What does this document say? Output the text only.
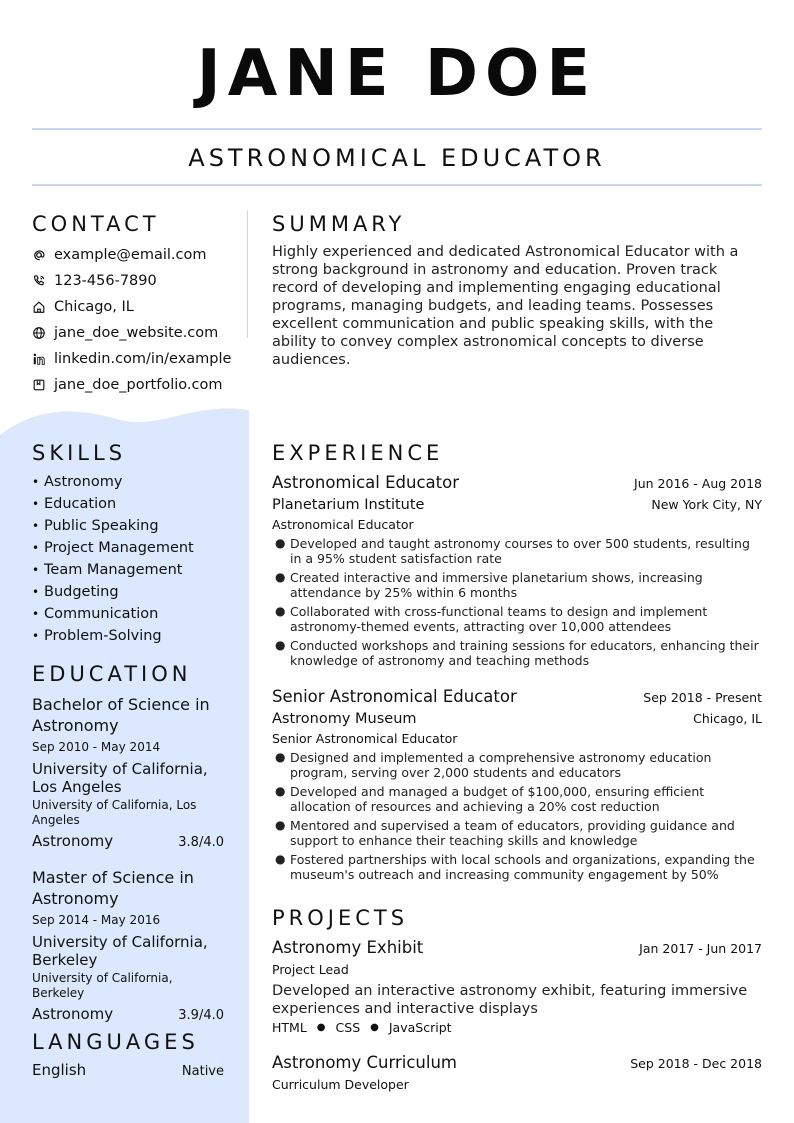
JANE DOE
ASTRONOMICAL EDUCATOR
CONTACT
example@email.com
123-456-7890
Chicago, IL
jane_doe_website.com
linkedin.com/in/example
jane_doe_portfolio.com
SKILLS
• Astronomy
• Education
• Public Speaking
• Project Management
• Team Management
• Budgeting
• Communication
• Problem-Solving
EDUCATION
Bachelor of Science in Astronomy
Sep 2010 - May 2014
University of California, Los Angeles
University of California, Los Angeles
Astronomy	3.8/4.0
Master of Science in Astronomy
Sep 2014 - May 2016
University of California, Berkeley
University of California, Berkeley
Astronomy	3.9/4.0
LANGUAGES
English	Native
SUMMARY
Highly experienced and dedicated Astronomical Educator with a strong background in astronomy and education. Proven track record of developing and implementing engaging educational programs, managing budgets, and leading teams. Possesses excellent communication and public speaking skills, with the ability to convey complex astronomical concepts to diverse audiences.
EXPERIENCE
Astronomical Educator	Jun 2016 - Aug 2018
Planetarium Institute	New York City, NY
Astronomical Educator
● Developed and taught astronomy courses to over 500 students, resulting in a 95% student satisfaction rate
● Created interactive and immersive planetarium shows, increasing attendance by 25% within 6 months
● Collaborated with cross-functional teams to design and implement astronomy-themed events, attracting over 10,000 attendees
● Conducted workshops and training sessions for educators, enhancing their knowledge of astronomy and teaching methods
Senior Astronomical Educator	Sep 2018 - Present
Astronomy Museum	Chicago, IL
Senior Astronomical Educator
● Designed and implemented a comprehensive astronomy education program, serving over 2,000 students and educators
● Developed and managed a budget of $100,000, ensuring efficient allocation of resources and achieving a 20% cost reduction
● Mentored and supervised a team of educators, providing guidance and support to enhance their teaching skills and knowledge
● Fostered partnerships with local schools and organizations, expanding the museum's outreach and increasing community engagement by 50%
PROJECTS
Astronomy Exhibit	Jan 2017 - Jun 2017
Project Lead
Developed an interactive astronomy exhibit, featuring immersive experiences and interactive displays
HTML ● CSS ● JavaScript
Astronomy Curriculum	Sep 2018 - Dec 2018
Curriculum Developer
